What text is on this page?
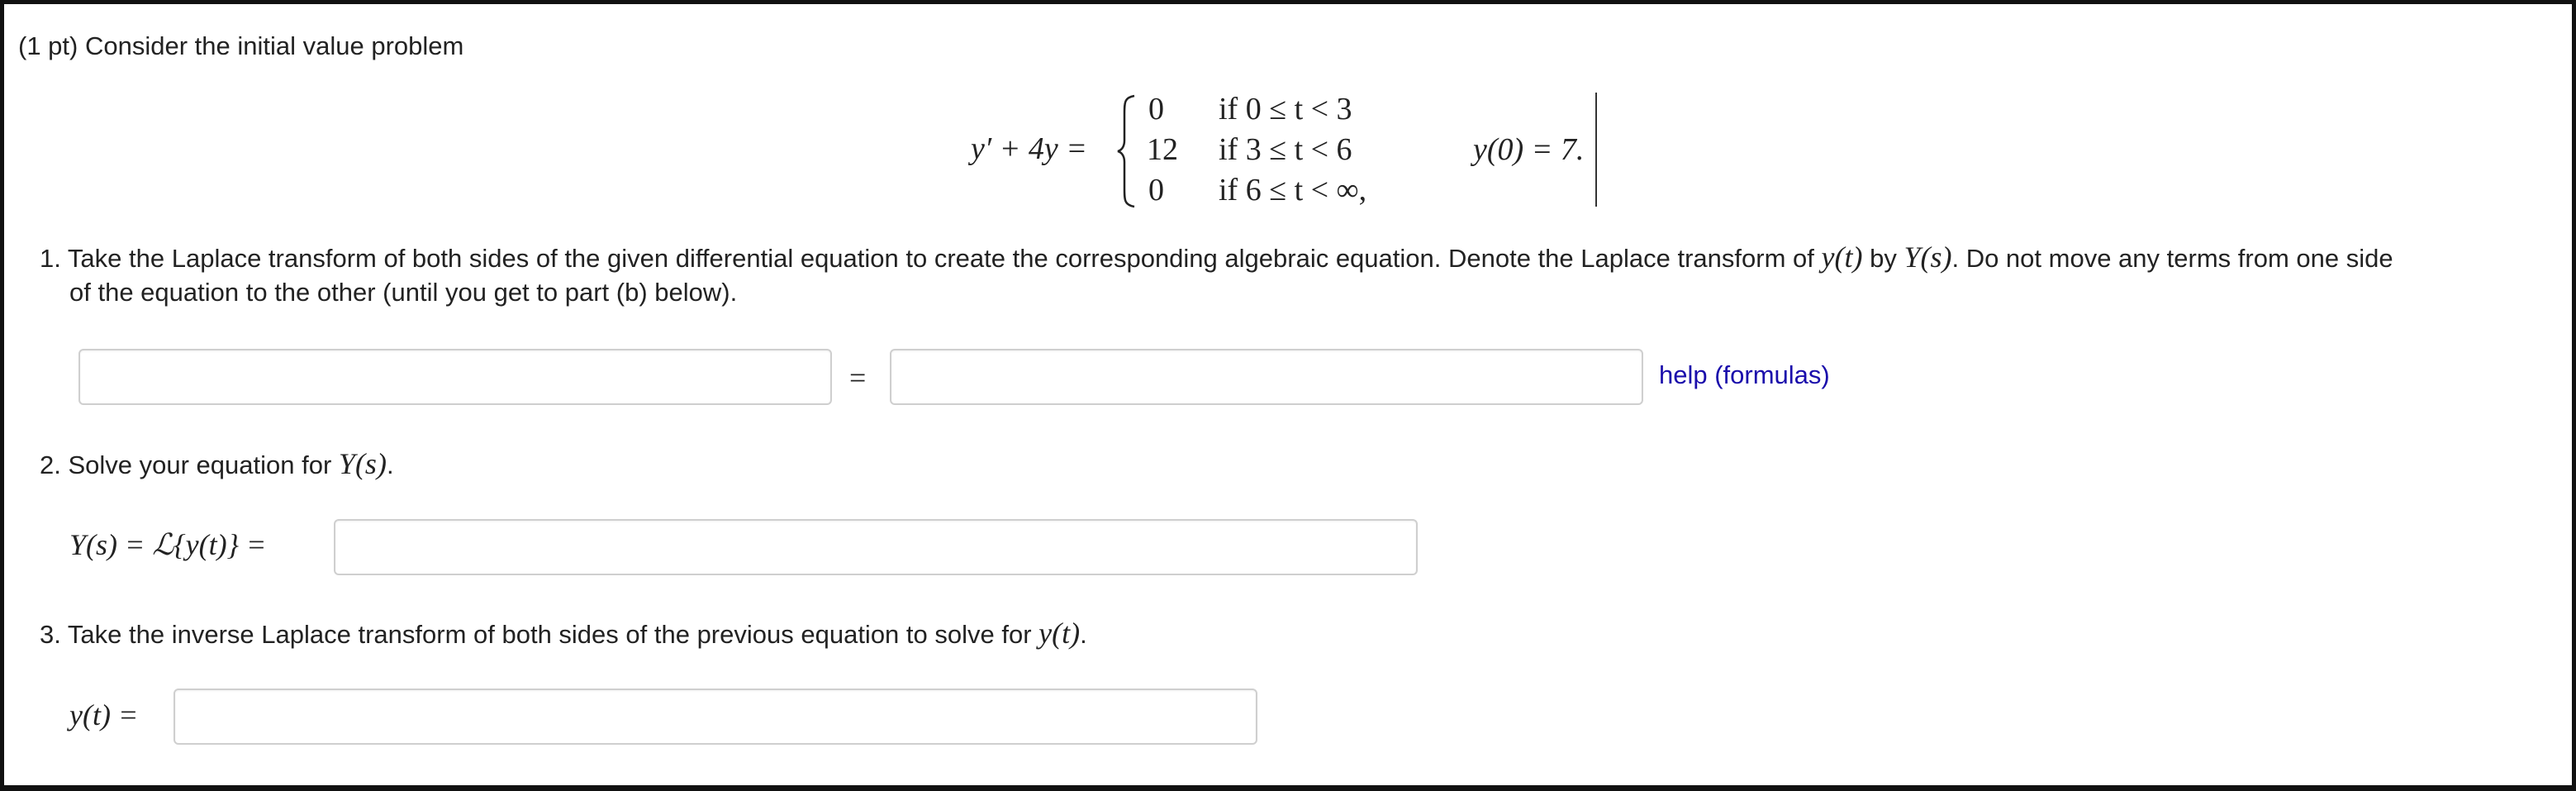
(1 pt) Consider the initial value problem
y′ + 4y =
0 if 0 ≤ t < 3
12 if 3 ≤ t < 6
0 if 6 ≤ t < ∞,
y(0) = 7.
1. Take the Laplace transform of both sides of the given differential equation to create the corresponding algebraic equation. Denote the Laplace transform of y(t) by Y(s). Do not move any terms from one side
of the equation to the other (until you get to part (b) below).
=	help (formulas)
2. Solve your equation for Y(s).
Y(s) = ℒ{y(t)} =
3. Take the inverse Laplace transform of both sides of the previous equation to solve for y(t).
y(t) =
